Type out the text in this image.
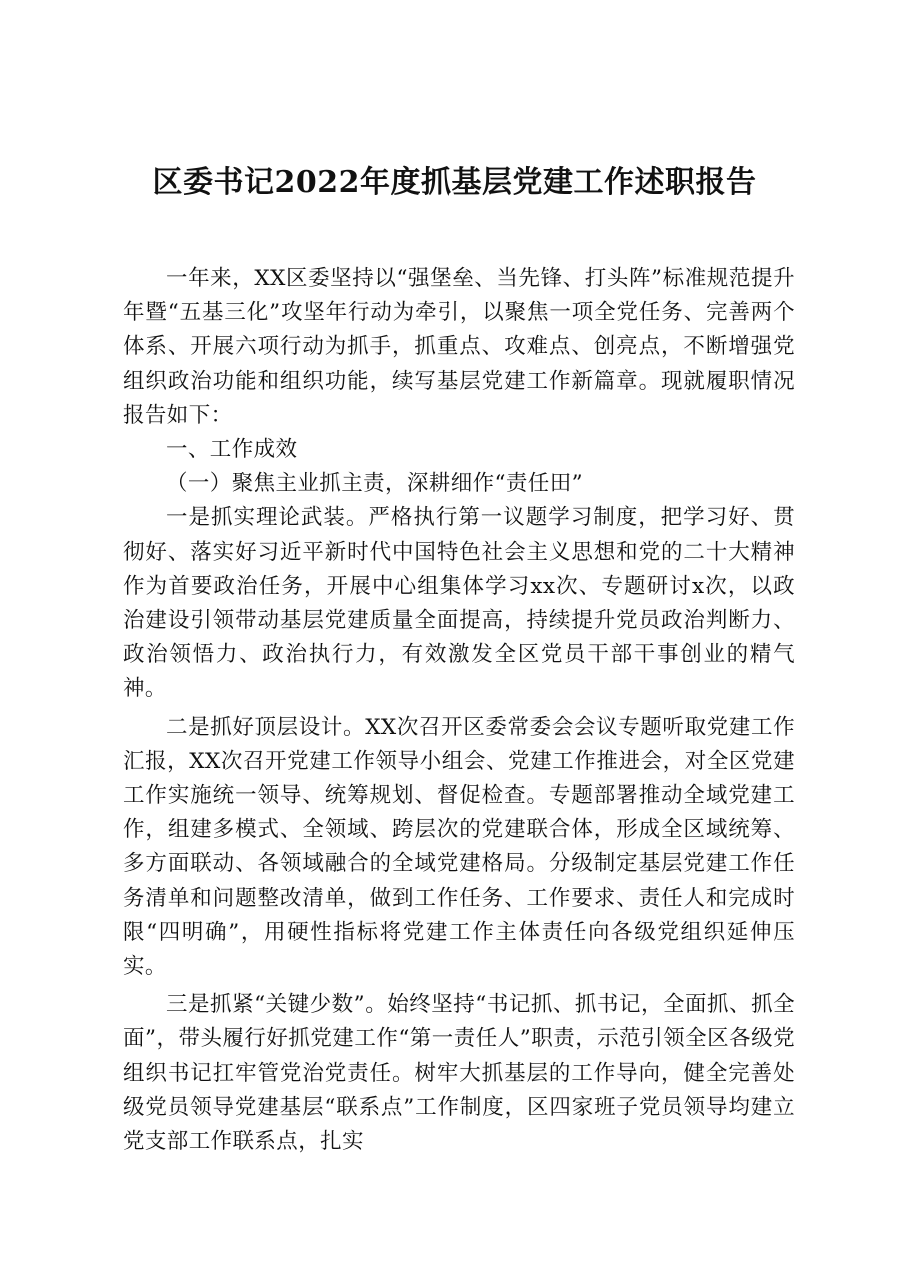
区委书记2022年度抓基层党建工作述职报告

一年来，XX区委坚持以“强堡垒、当先锋、打头阵”标准规范提升年暨“五基三化”攻坚年行动为牵引，以聚焦一项全党任务、完善两个体系、开展六项行动为抓手，抓重点、攻难点、创亮点，不断增强党组织政治功能和组织功能，续写基层党建工作新篇章。现就履职情况报告如下：

一、工作成效

（一）聚焦主业抓主责，深耕细作“责任田”

一是抓实理论武装。严格执行第一议题学习制度，把学习好、贯彻好、落实好习近平新时代中国特色社会主义思想和党的二十大精神作为首要政治任务，开展中心组集体学习xx次、专题研讨x次，以政治建设引领带动基层党建质量全面提高，持续提升党员政治判断力、政治领悟力、政治执行力，有效激发全区党员干部干事创业的精气神。

二是抓好顶层设计。XX次召开区委常委会会议专题听取党建工作汇报，XX次召开党建工作领导小组会、党建工作推进会，对全区党建工作实施统一领导、统筹规划、督促检查。专题部署推动全域党建工作，组建多模式、全领域、跨层次的党建联合体，形成全区域统筹、多方面联动、各领域融合的全域党建格局。分级制定基层党建工作任务清单和问题整改清单，做到工作任务、工作要求、责任人和完成时限“四明确”，用硬性指标将党建工作主体责任向各级党组织延伸压实。

三是抓紧“关键少数”。始终坚持“书记抓、抓书记，全面抓、抓全面”，带头履行好抓党建工作“第一责任人”职责，示范引领全区各级党组织书记扛牢管党治党责任。树牢大抓基层的工作导向，健全完善处级党员领导党建基层“联系点”工作制度，区四家班子党员领导均建立党支部工作联系点，扎实
